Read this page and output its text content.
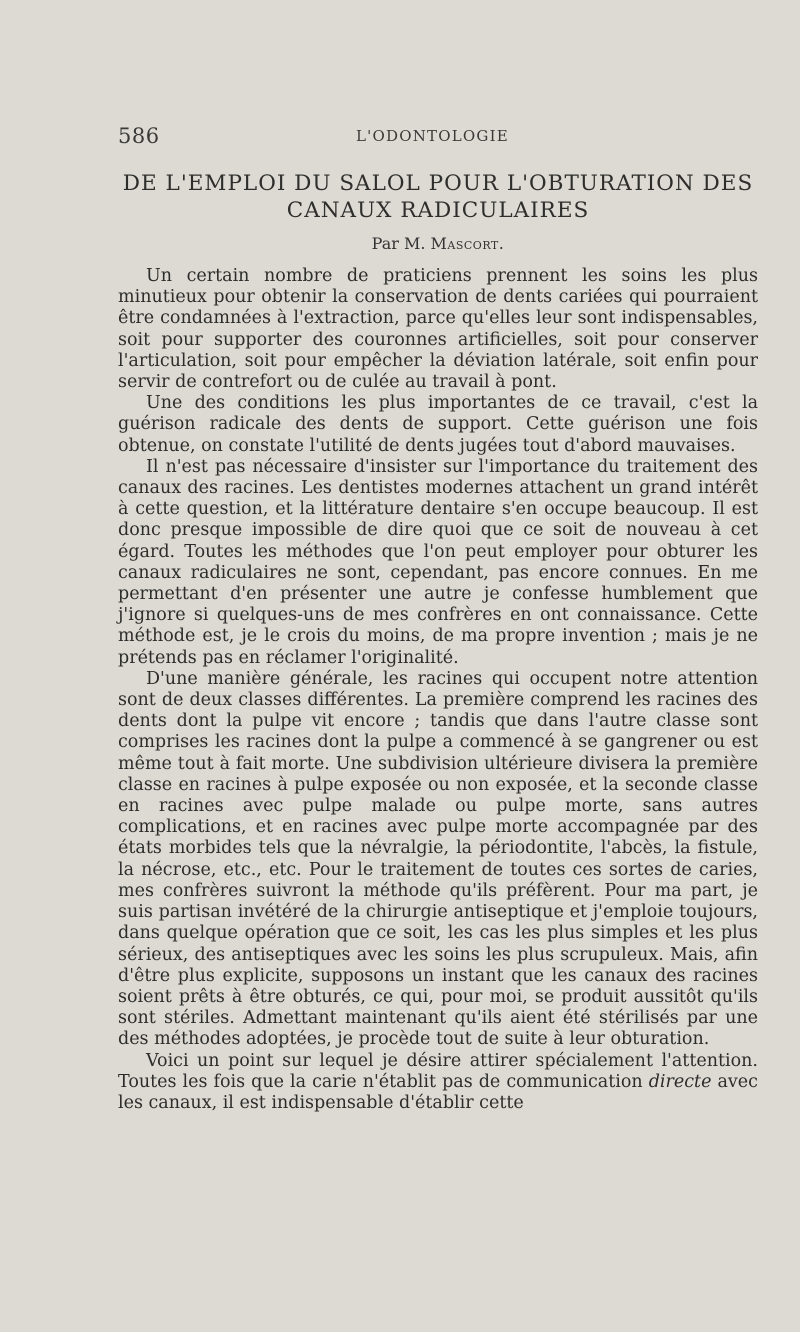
586	L'ODONTOLOGIE
DE L'EMPLOI DU SALOL POUR L'OBTURATION DES CANAUX RADICULAIRES
Par M. Mascort.

Un certain nombre de praticiens prennent les soins les plus minutieux pour obtenir la conservation de dents cariées qui pourraient être condamnées à l'extraction, parce qu'elles leur sont indispensables, soit pour supporter des couronnes artificielles, soit pour conserver l'articulation, soit pour empêcher la déviation latérale, soit enfin pour servir de contrefort ou de culée au travail à pont.

Une des conditions les plus importantes de ce travail, c'est la guérison radicale des dents de support. Cette guérison une fois obtenue, on constate l'utilité de dents jugées tout d'abord mauvaises.

Il n'est pas nécessaire d'insister sur l'importance du traitement des canaux des racines. Les dentistes modernes attachent un grand intérêt à cette question, et la littérature dentaire s'en occupe beaucoup. Il est donc presque impossible de dire quoi que ce soit de nouveau à cet égard. Toutes les méthodes que l'on peut employer pour obturer les canaux radiculaires ne sont, cependant, pas encore connues. En me permettant d'en présenter une autre je confesse humblement que j'ignore si quelques-uns de mes confrères en ont connaissance. Cette méthode est, je le crois du moins, de ma propre invention ; mais je ne prétends pas en réclamer l'originalité.

D'une manière générale, les racines qui occupent notre attention sont de deux classes différentes. La première comprend les racines des dents dont la pulpe vit encore ; tandis que dans l'autre classe sont comprises les racines dont la pulpe a commencé à se gangrener ou est même tout à fait morte. Une subdivision ultérieure divisera la première classe en racines à pulpe exposée ou non exposée, et la seconde classe en racines avec pulpe malade ou pulpe morte, sans autres complications, et en racines avec pulpe morte accompagnée par des états morbides tels que la névralgie, la périodontite, l'abcès, la fistule, la nécrose, etc., etc. Pour le traitement de toutes ces sortes de caries, mes confrères suivront la méthode qu'ils préfèrent. Pour ma part, je suis partisan invétéré de la chirurgie antiseptique et j'emploie toujours, dans quelque opération que ce soit, les cas les plus simples et les plus sérieux, des antiseptiques avec les soins les plus scrupuleux. Mais, afin d'être plus explicite, supposons un instant que les canaux des racines soient prêts à être obturés, ce qui, pour moi, se produit aussitôt qu'ils sont stériles. Admettant maintenant qu'ils aient été stérilisés par une des méthodes adoptées, je procède tout de suite à leur obturation.

Voici un point sur lequel je désire attirer spécialement l'attention. Toutes les fois que la carie n'établit pas de communication directe avec les canaux, il est indispensable d'établir cette
